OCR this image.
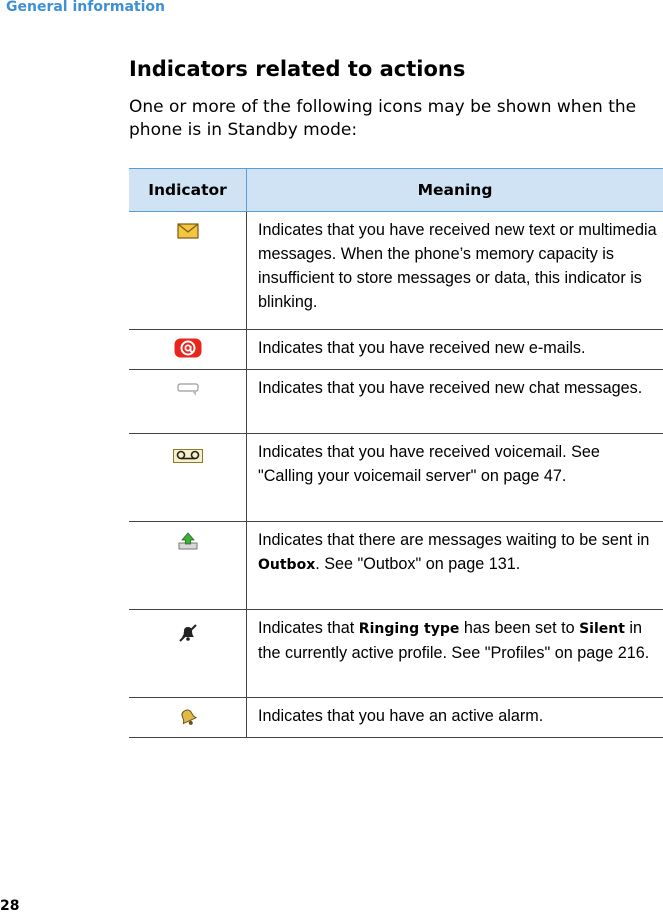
General information
Indicators related to actions

One or more of the following icons may be shown when the phone is in Standby mode:

Indicator	Meaning
	Indicates that you have received new text or multimedia messages. When the phone’s memory capacity is insufficient to store messages or data, this indicator is blinking.
	Indicates that you have received new e-mails.
	Indicates that you have received new chat messages.
	Indicates that you have received voicemail. See "Calling your voicemail server" on page 47.
	Indicates that there are messages waiting to be sent in Outbox. See "Outbox" on page 131.
	Indicates that Ringing type has been set to Silent in the currently active profile. See "Profiles" on page 216.
	Indicates that you have an active alarm.
28
